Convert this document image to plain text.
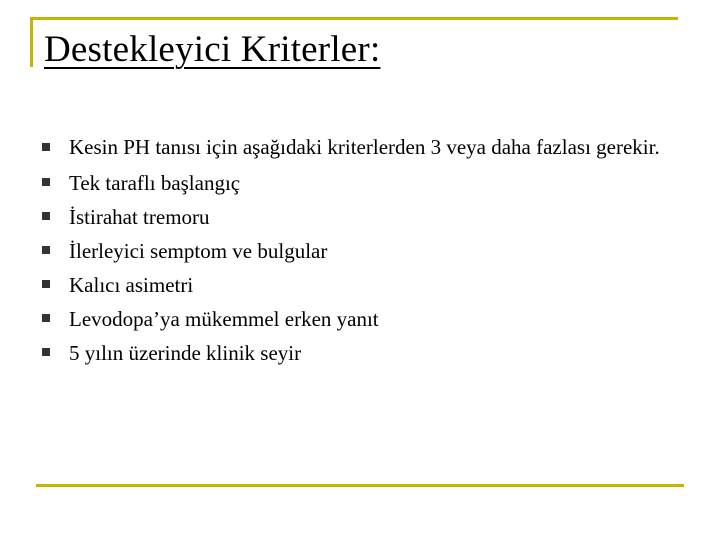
Destekleyici Kriterler:
Kesin PH tanısı için aşağıdaki kriterlerden 3 veya daha fazlası gerekir.
Tek taraflı başlangıç
İstirahat tremoru
İlerleyici semptom ve bulgular
Kalıcı asimetri
Levodopa’ya mükemmel erken yanıt
5 yılın üzerinde klinik seyir
